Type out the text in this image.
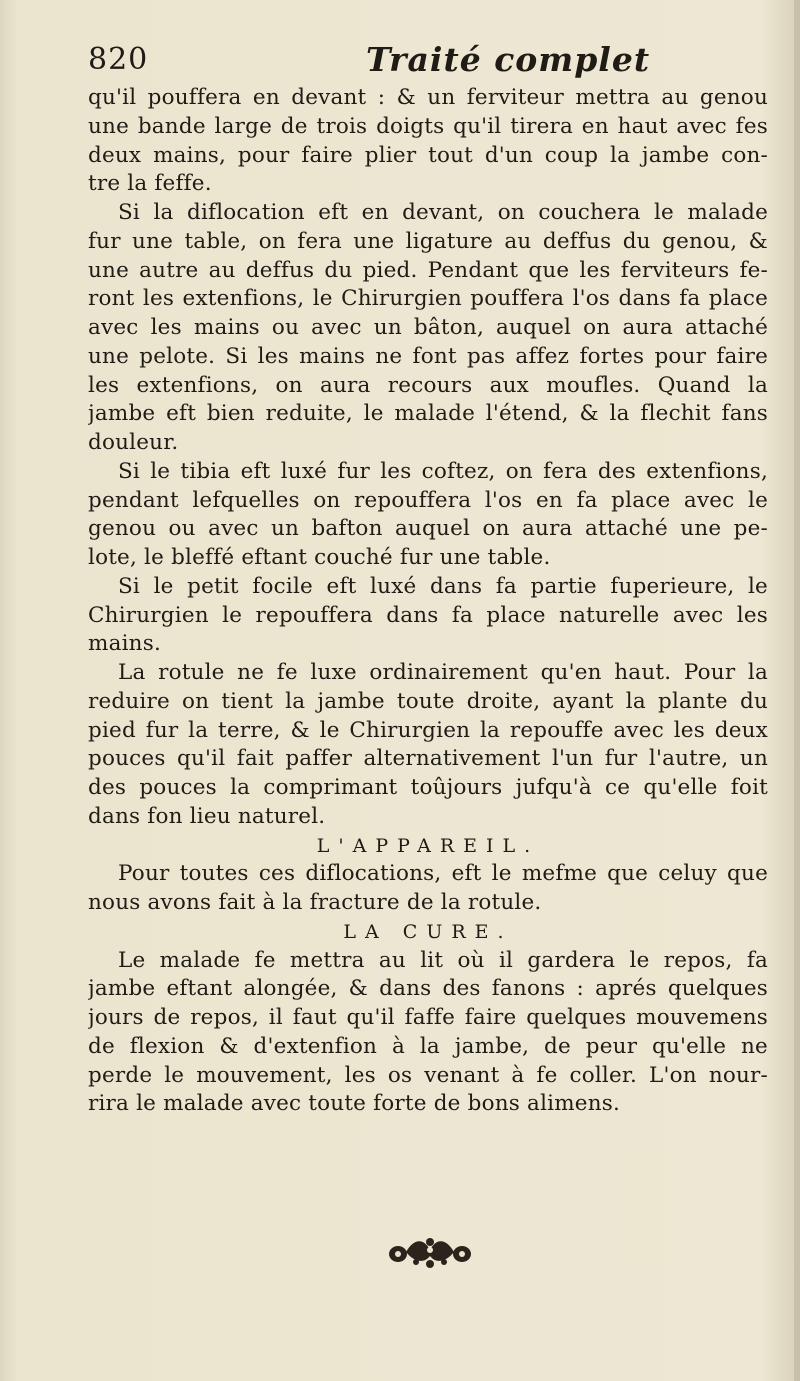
820	Traité complet
qu'il pouffera en devant : & un ferviteur mettra au genou
une bande large de trois doigts qu'il tirera en haut avec fes
deux mains, pour faire plier tout d'un coup la jambe con-
tre la feffe.
Si la diflocation eft en devant, on couchera le malade
fur une table, on fera une ligature au deffus du genou, &
une autre au deffus du pied. Pendant que les ferviteurs fe-
ront les extenfions, le Chirurgien pouffera l'os dans fa place
avec les mains ou avec un bâton, auquel on aura attaché
une pelote. Si les mains ne font pas affez fortes pour faire
les extenfions, on aura recours aux moufles. Quand la
jambe eft bien reduite, le malade l'étend, & la flechit fans
douleur.
Si le tibia eft luxé fur les coftez, on fera des extenfions,
pendant lefquelles on repouffera l'os en fa place avec le
genou ou avec un bafton auquel on aura attaché une pe-
lote, le bleffé eftant couché fur une table.
Si le petit focile eft luxé dans fa partie fuperieure, le
Chirurgien le repouffera dans fa place naturelle avec les
mains.
La rotule ne fe luxe ordinairement qu'en haut. Pour la
reduire on tient la jambe toute droite, ayant la plante du
pied fur la terre, & le Chirurgien la repouffe avec les deux
pouces qu'il fait paffer alternativement l'un fur l'autre, un
des pouces la comprimant toûjours jufqu'à ce qu'elle foit
dans fon lieu naturel.
L'APPAREIL.
Pour toutes ces diflocations, eft le mefme que celuy que
nous avons fait à la fracture de la rotule.
LA CURE.
Le malade fe mettra au lit où il gardera le repos, fa
jambe eftant alongée, & dans des fanons : aprés quelques
jours de repos, il faut qu'il faffe faire quelques mouvemens
de flexion & d'extenfion à la jambe, de peur qu'elle ne
perde le mouvement, les os venant à fe coller. L'on nour-
rira le malade avec toute forte de bons alimens.
